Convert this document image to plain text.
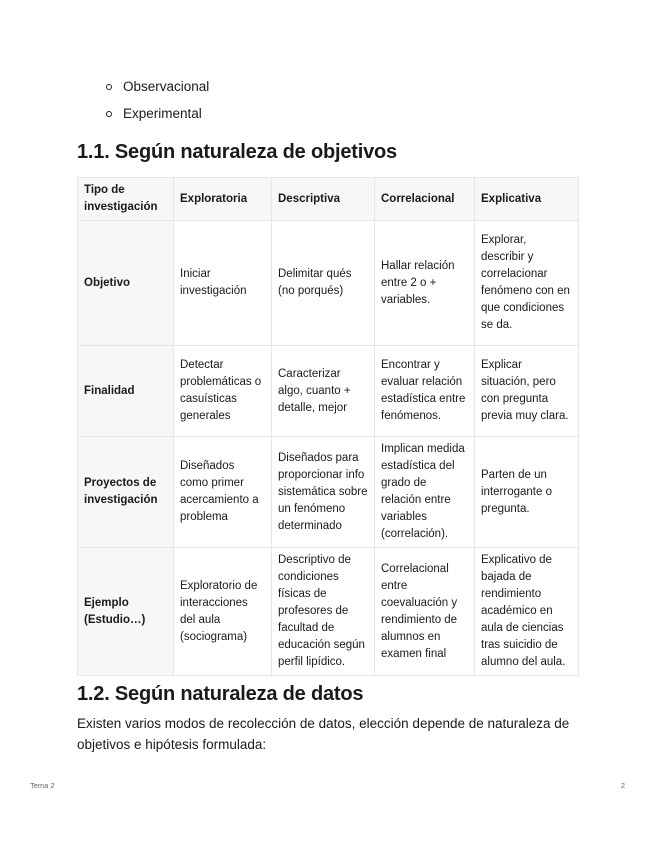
Observacional
Experimental
1.1. Según naturaleza de objetivos
Tipo de investigación	Exploratoria	Descriptiva	Correlacional	Explicativa
Objetivo	Iniciar investigación	Delimitar qués (no porqués)	Hallar relación entre 2 o + variables.	Explorar, describir y correlacionar fenómeno con en que condiciones se da.
Finalidad	Detectar problemáticas o casuísticas generales	Caracterizar algo, cuanto + detalle, mejor	Encontrar y evaluar relación estadística entre fenómenos.	Explicar situación, pero con pregunta previa muy clara.
Proyectos de investigación	Diseñados como primer acercamiento a problema	Diseñados para proporcionar info sistemática sobre un fenómeno determinado	Implican medida estadística del grado de relación entre variables (correlación).	Parten de un interrogante o pregunta.
Ejemplo (Estudio…)	Exploratorio de interacciones del aula (sociograma)	Descriptivo de condiciones físicas de profesores de facultad de educación según perfil lipídico.	Correlacional entre coevaluación y rendimiento de alumnos en examen final	Explicativo de bajada de rendimiento académico en aula de ciencias tras suicidio de alumno del aula.
1.2. Según naturaleza de datos

Existen varios modos de recolección de datos, elección depende de naturaleza de objetivos e hipótesis formulada:

Tema 2	2
